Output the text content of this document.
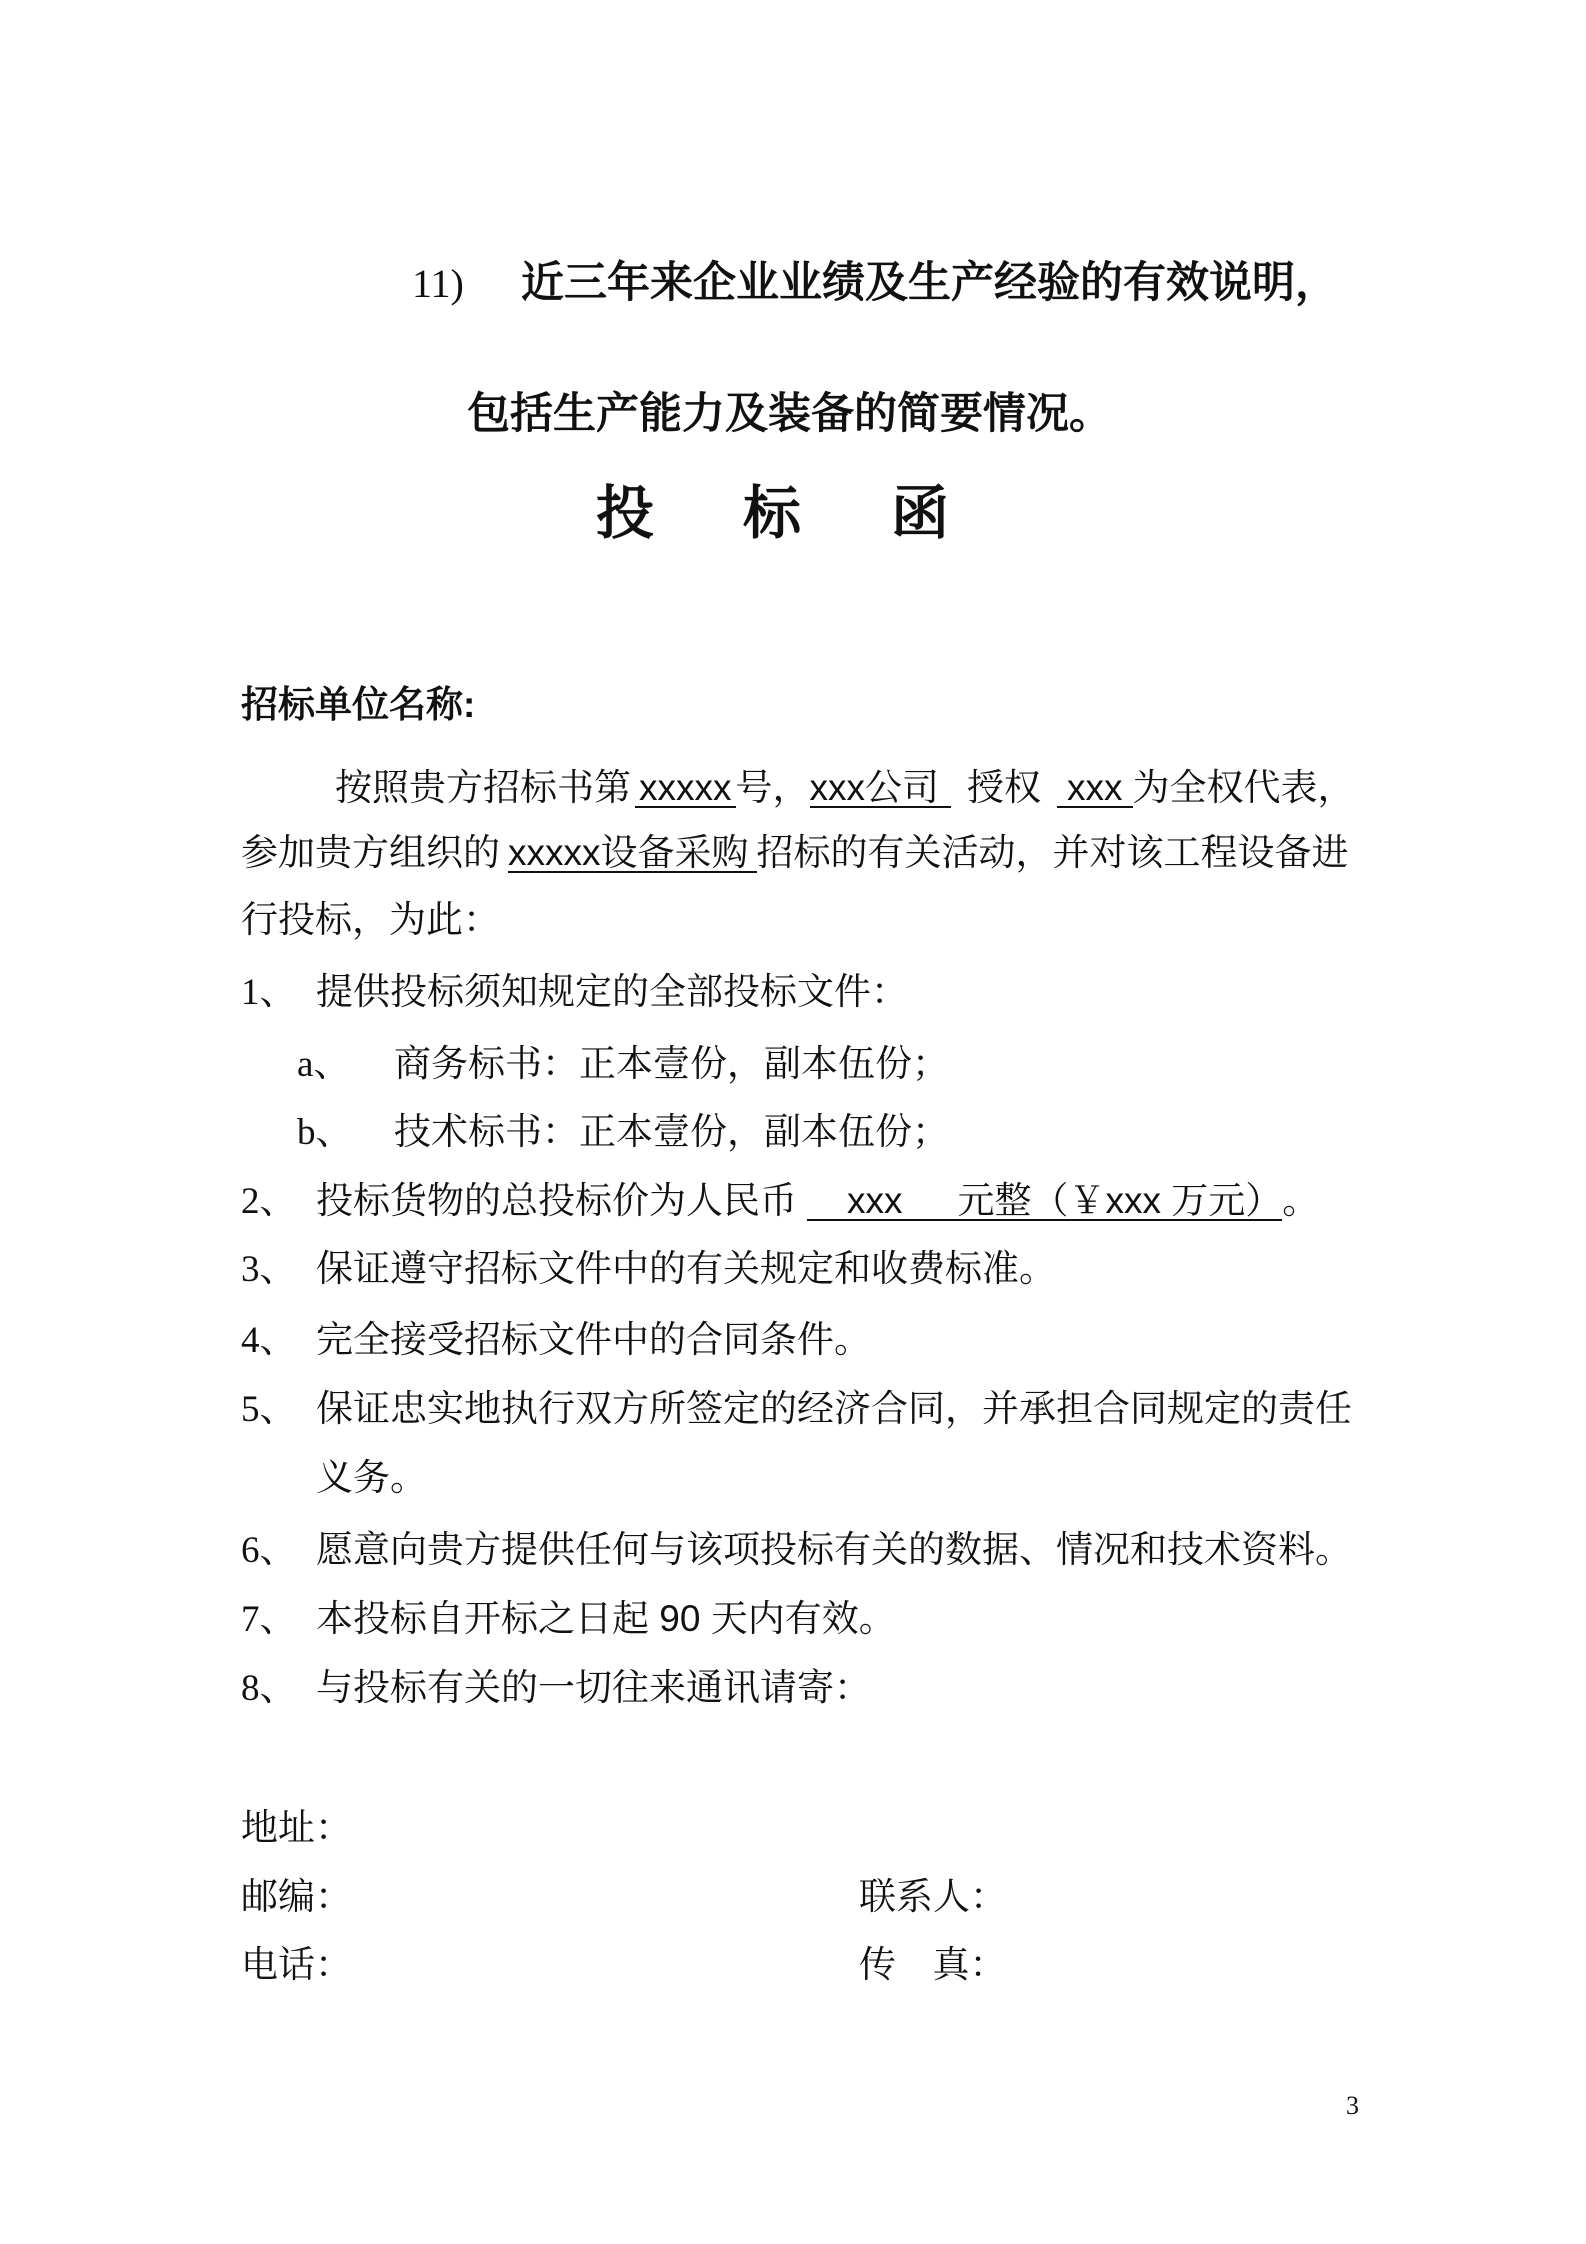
11) 近三年来企业业绩及生产经验的有效说明，
包括生产能力及装备的简要情况。
投 标 函
招标单位名称:
按照贵方招标书第 xxxxx 号，xxx公司 授权 xxx 为全权代表，
参加贵方组织的 xxxxx设备采购 招标的有关活动，并对该工程设备进
行投标，为此：
1、 提供投标须知规定的全部投标文件：
a、 商务标书：正本壹份，副本伍份；
b、 技术标书：正本壹份，副本伍份；
2、 投标货物的总投标价为人民币 xxx 元整（￥xxx 万元）。
3、 保证遵守招标文件中的有关规定和收费标准。
4、 完全接受招标文件中的合同条件。
5、 保证忠实地执行双方所签定的经济合同，并承担合同规定的责任
义务。
6、 愿意向贵方提供任何与该项投标有关的数据、情况和技术资料。
7、 本投标自开标之日起 90 天内有效。
8、 与投标有关的一切往来通讯请寄：
地址：
邮编：	联系人：
电话：	传  真：
3
